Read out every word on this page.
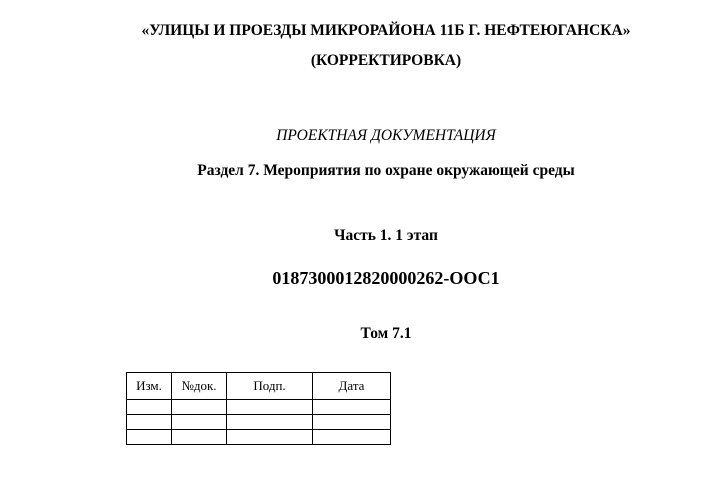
«УЛИЦЫ И ПРОЕЗДЫ МИКРОРАЙОНА 11Б Г. НЕФТЕЮГАНСКА»
(КОРРЕКТИРОВКА)
ПРОЕКТНАЯ ДОКУМЕНТАЦИЯ
Раздел 7. Мероприятия по охране окружающей среды
Часть 1. 1 этап
0187300012820000262-ООС1
Том 7.1
Изм.	№док.	Подп.	Дата
